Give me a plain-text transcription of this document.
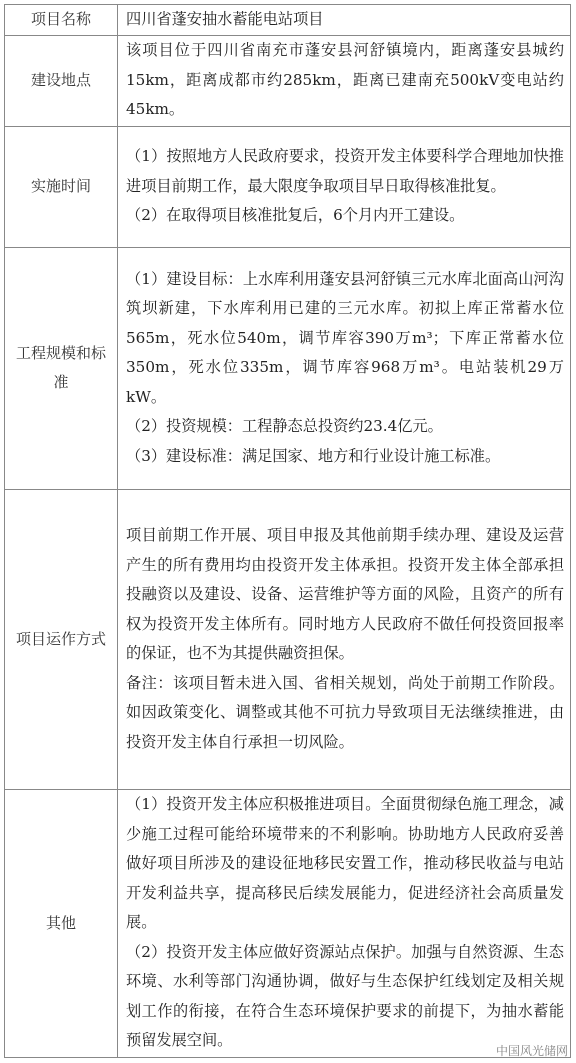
项目名称	四川省蓬安抽水蓄能电站项目

建设地点	该项目位于四川省南充市蓬安县河舒镇境内，距离蓬安县城约15km，距离成都市约285km，距离已建南充500kV变电站约45km。

实施时间	（1）按照地方人民政府要求，投资开发主体要科学合理地加快推进项目前期工作，最大限度争取项目早日取得核准批复。

（2）在取得项目核准批复后，6个月内开工建设。

工程规模和标准	（1）建设目标：上水库利用蓬安县河舒镇三元水库北面高山河沟筑坝新建，下水库利用已建的三元水库。初拟上库正常蓄水位565m，死水位540m，调节库容390万m³；下库正常蓄水位350m，死水位335m，调节库容968万m³。电站装机29万kW。

（2）投资规模：工程静态总投资约23.4亿元。

（3）建设标准：满足国家、地方和行业设计施工标准。

项目运作方式	项目前期工作开展、项目申报及其他前期手续办理、建设及运营产生的所有费用均由投资开发主体承担。投资开发主体全部承担投融资以及建设、设备、运营维护等方面的风险，且资产的所有权为投资开发主体所有。同时地方人民政府不做任何投资回报率的保证，也不为其提供融资担保。

备注：该项目暂未进入国、省相关规划，尚处于前期工作阶段。如因政策变化、调整或其他不可抗力导致项目无法继续推进，由投资开发主体自行承担一切风险。

其他	（1）投资开发主体应积极推进项目。全面贯彻绿色施工理念，减少施工过程可能给环境带来的不利影响。协助地方人民政府妥善做好项目所涉及的建设征地移民安置工作，推动移民收益与电站开发利益共享，提高移民后续发展能力，促进经济社会高质量发展。

（2）投资开发主体应做好资源站点保护。加强与自然资源、生态环境、水利等部门沟通协调，做好与生态保护红线划定及相关规划工作的衔接，在符合生态环境保护要求的前提下，为抽水蓄能预留发展空间。

中国风光储网
